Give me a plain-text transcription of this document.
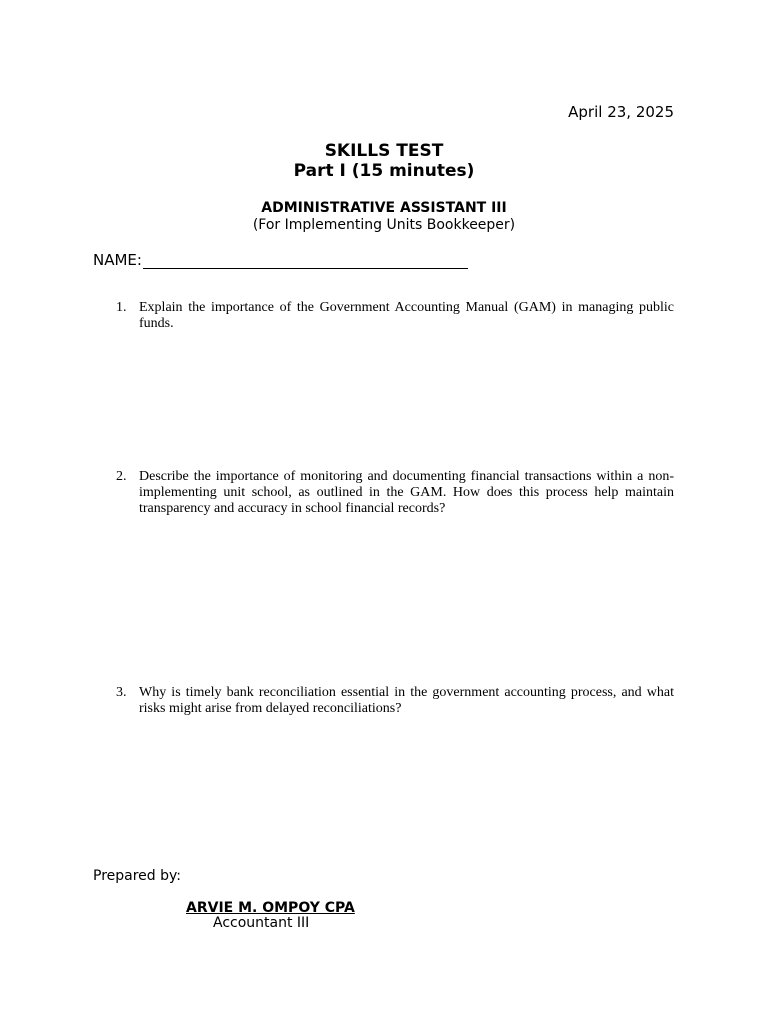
April 23, 2025
SKILLS TEST
Part I (15 minutes)
ADMINISTRATIVE ASSISTANT III
(For Implementing Units Bookkeeper)
NAME:
1. Explain the importance of the Government Accounting Manual (GAM) in managing public funds.
2. Describe the importance of monitoring and documenting financial transactions within a non-implementing unit school, as outlined in the GAM. How does this process help maintain transparency and accuracy in school financial records?
3. Why is timely bank reconciliation essential in the government accounting process, and what risks might arise from delayed reconciliations?
Prepared by:
ARVIE M. OMPOY CPA
Accountant III
